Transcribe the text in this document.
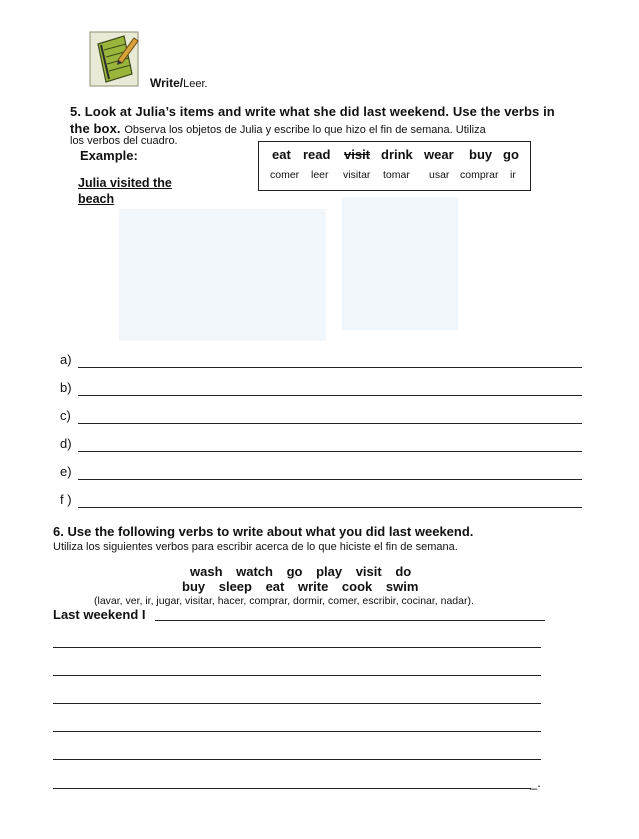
Write/Leer.
5. Look at Julia’s items and write what she did last weekend. Use the verbs in the box. Observa los objetos de Julia y escribe lo que hizo el fin de semana. Utiliza
los verbos del cuadro.
Example:
Julia visited the beach
eat read visit drink wear buy go
comer leer visitar tomar usar comprar ir
a)
b)
c)
d)
e)
f )
6. Use the following verbs to write about what you did last weekend.
Utiliza los siguientes verbos para escribir acerca de lo que hiciste el fin de semana.
wash watch go play visit do
buy sleep eat write cook swim
(lavar, ver, ir, jugar, visitar, hacer, comprar, dormir, comer, escribir, cocinar, nadar).
Last weekend I
_.
